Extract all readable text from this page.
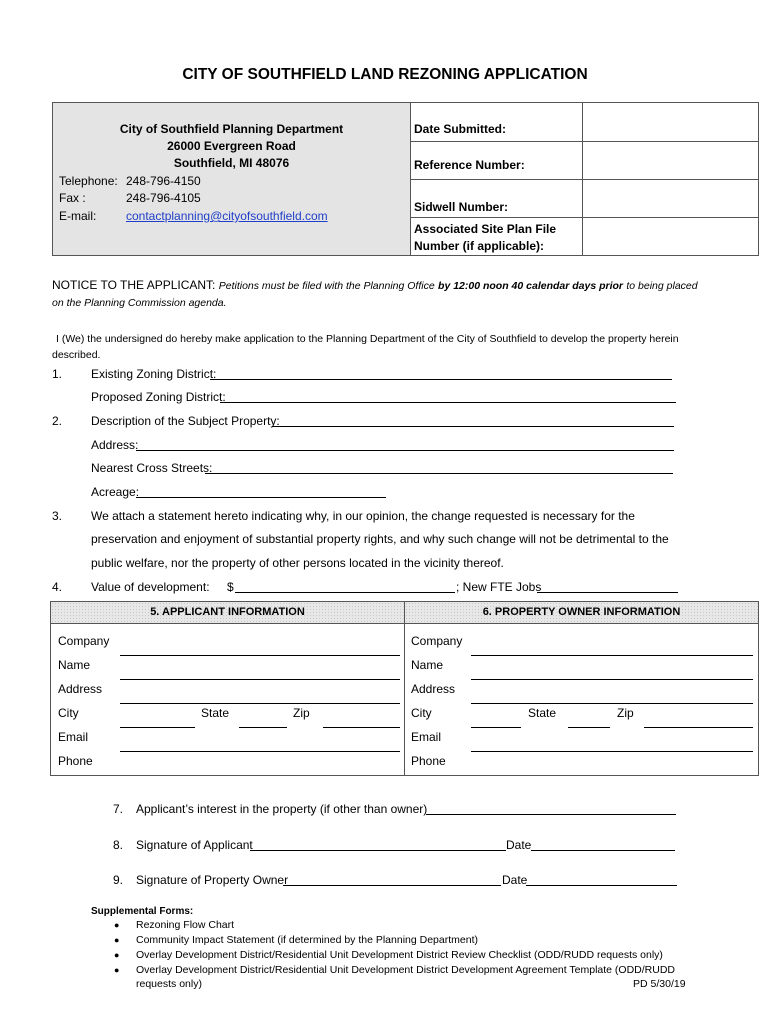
CITY OF SOUTHFIELD LAND REZONING APPLICATION
City of Southfield Planning Department
26000 Evergreen Road
Southfield, MI 48076
Telephone: 248-796-4150
Fax :	248-796-4105
E-mail: contactplanning@cityofsouthfield.com
Date Submitted:
Reference Number:
Sidwell Number:
Associated Site Plan File
Number (if applicable):
NOTICE TO THE APPLICANT: Petitions must be filed with the Planning Office by 12:00 noon 40 calendar days prior to being placed
on the Planning Commission agenda.
I (We) the undersigned do hereby make application to the Planning Department of the City of Southfield to develop the property herein
described.
1. Existing Zoning District:
Proposed Zoning District:
2. Description of the Subject Property:
Address:
Nearest Cross Streets:
Acreage:
3. We attach a statement hereto indicating why, in our opinion, the change requested is necessary for the
preservation and enjoyment of substantial property rights, and why such change will not be detrimental to the
public welfare, nor the property of other persons located in the vicinity thereof.
4. Value of development: $	; New FTE Jobs
5. APPLICANT INFORMATION	6. PROPERTY OWNER INFORMATION
Company
Name
Address
City	State	Zip
Email
Phone
Company
Name
Address
City	State	Zip
Email
Phone
7. Applicant’s interest in the property (if other than owner)
8. Signature of Applicant	Date
9. Signature of Property Owner	Date
Supplemental Forms:
● Rezoning Flow Chart
● Community Impact Statement (if determined by the Planning Department)
● Overlay Development District/Residential Unit Development District Review Checklist (ODD/RUDD requests only)
● Overlay Development District/Residential Unit Development District Development Agreement Template (ODD/RUDD
requests only)	PD 5/30/19
